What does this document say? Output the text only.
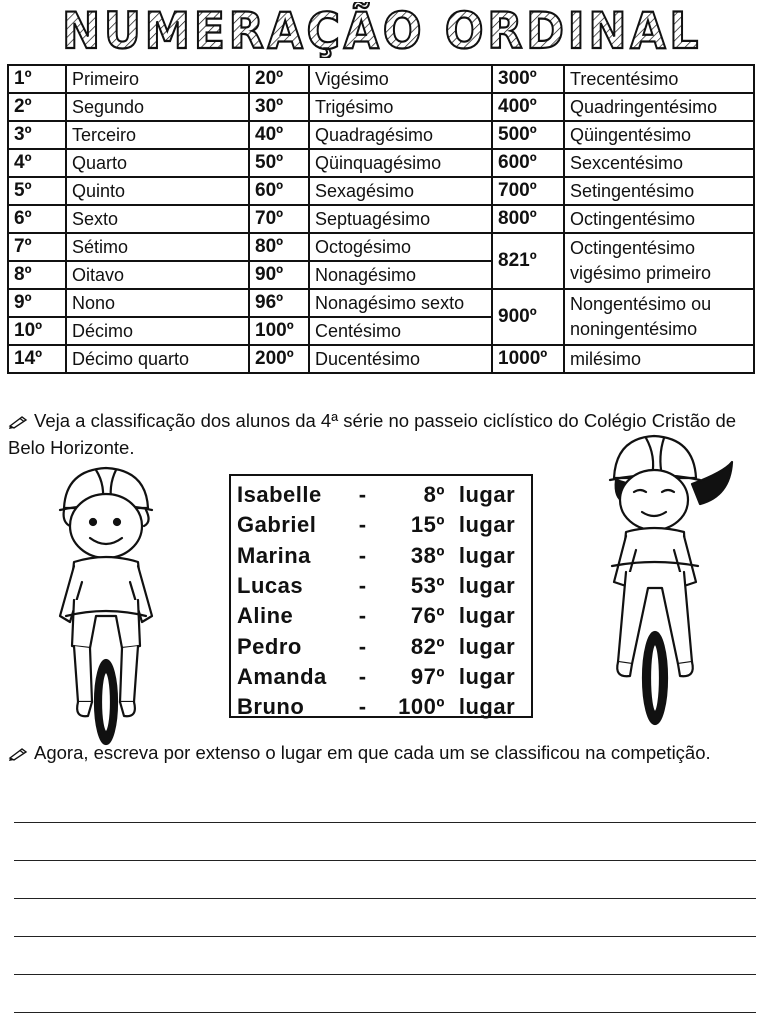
NUMERAÇÃO ORDINAL
1º	Primeiro	20º	Vigésimo	300º	Trecentésimo
2º	Segundo	30º	Trigésimo	400º	Quadringentésimo
3º	Terceiro	40º	Quadragésimo	500º	Qüingentésimo
4º	Quarto	50º	Qüinquagésimo	600º	Sexcentésimo
5º	Quinto	60º	Sexagésimo	700º	Setingentésimo
6º	Sexto	70º	Septuagésimo	800º	Octingentésimo
7º	Sétimo	80º	Octogésimo	821º	Octingentésimo vigésimo primeiro
8º	Oitavo	90º	Nonagésimo		
9º	Nono	96º	Nonagésimo sexto	900º	Nongentésimo ou noningentésimo
10º	Décimo	100º	Centésimo		
14º	Décimo quarto	200º	Ducentésimo	1000º	milésimo
Veja a classificação dos alunos da 4ª série no passeio ciclístico do Colégio Cristão de Belo Horizonte.
Isabelle	-	8º lugar
Gabriel	-	15º lugar
Marina	-	38º lugar
Lucas	-	53º lugar
Aline	-	76º lugar
Pedro	-	82º lugar
Amanda	-	97º lugar
Bruno	-	100º lugar
Agora, escreva por extenso o lugar em que cada um se classificou na competição.
